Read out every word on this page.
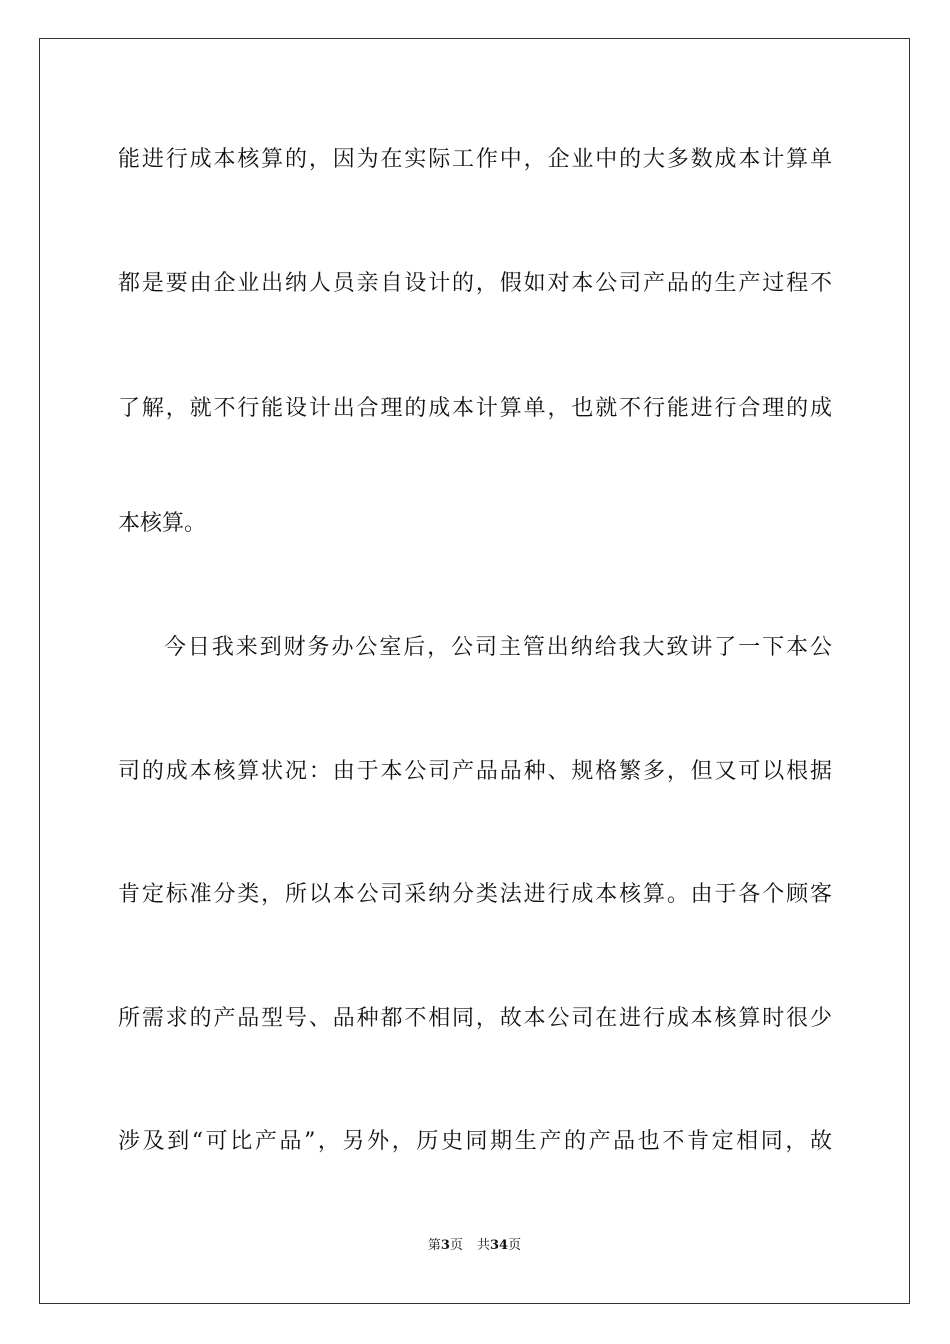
能进行成本核算的，因为在实际工作中，企业中的大多数成本计算单
都是要由企业出纳人员亲自设计的，假如对本公司产品的生产过程不
了解，就不行能设计出合理的成本计算单，也就不行能进行合理的成
本核算。
今日我来到财务办公室后，公司主管出纳给我大致讲了一下本公
司的成本核算状况：由于本公司产品品种、规格繁多，但又可以根据
肯定标准分类，所以本公司采纳分类法进行成本核算。由于各个顾客
所需求的产品型号、品种都不相同，故本公司在进行成本核算时很少
涉及到“可比产品”，另外，历史同期生产的产品也不肯定相同，故
第3页 共34页
